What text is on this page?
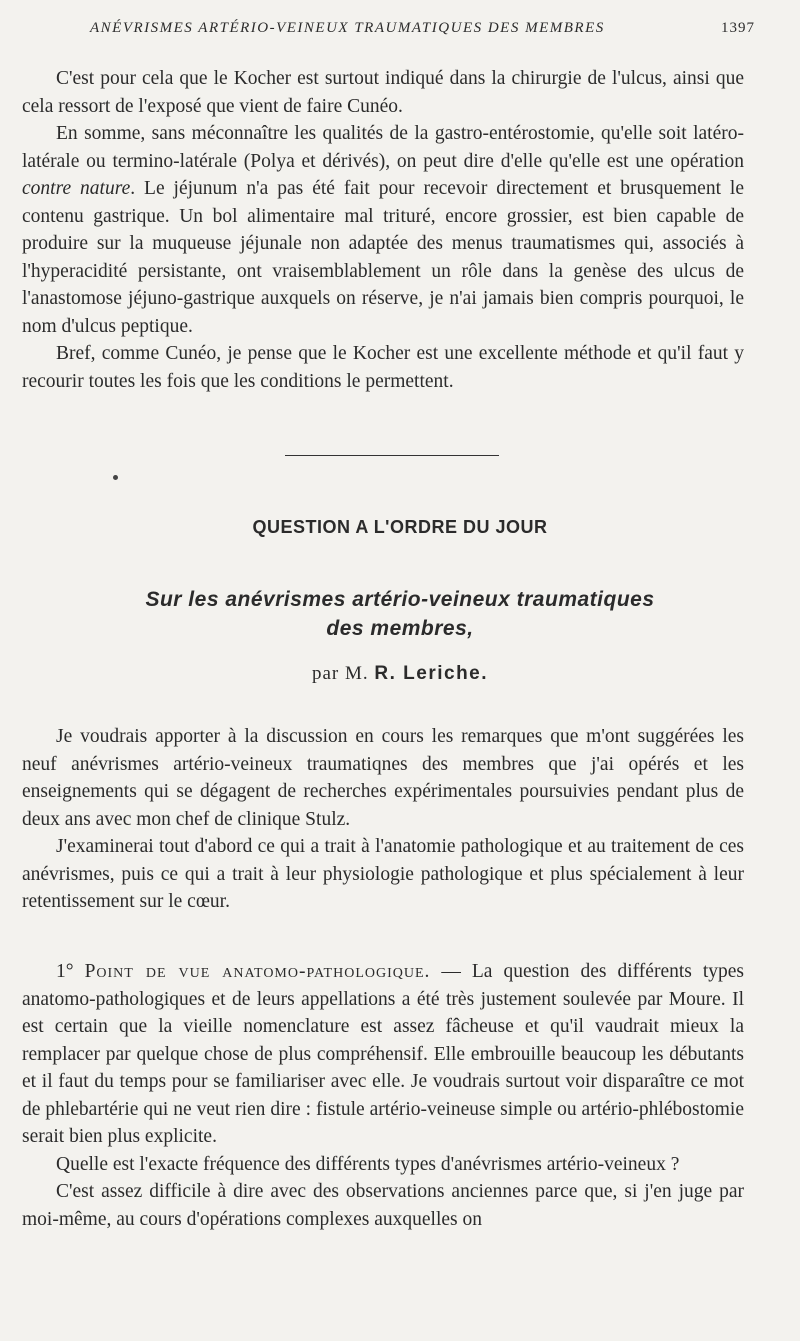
ANÉVRISMES ARTÉRIO-VEINEUX TRAUMATIQUES DES MEMBRES	1397

C'est pour cela que le Kocher est surtout indiqué dans la chirurgie de l'ulcus, ainsi que cela ressort de l'exposé que vient de faire Cunéo.

En somme, sans méconnaître les qualités de la gastro-entérostomie, qu'elle soit latéro-latérale ou termino-latérale (Polya et dérivés), on peut dire d'elle qu'elle est une opération contre nature. Le jéjunum n'a pas été fait pour recevoir directement et brusquement le contenu gastrique. Un bol alimentaire mal trituré, encore grossier, est bien capable de produire sur la muqueuse jéjunale non adaptée des menus traumatismes qui, associés à l'hyperacidité persistante, ont vraisemblablement un rôle dans la genèse des ulcus de l'anastomose jéjuno-gastrique auxquels on réserve, je n'ai jamais bien compris pourquoi, le nom d'ulcus peptique.

Bref, comme Cunéo, je pense que le Kocher est une excellente méthode et qu'il faut y recourir toutes les fois que les conditions le permettent.

QUESTION A L'ORDRE DU JOUR
Sur les anévrismes artério-veineux traumatiques
des membres,
par M. R. Leriche.

Je voudrais apporter à la discussion en cours les remarques que m'ont suggérées les neuf anévrismes artério-veineux traumatiqnes des membres que j'ai opérés et les enseignements qui se dégagent de recherches expérimentales poursuivies pendant plus de deux ans avec mon chef de clinique Stulz.

J'examinerai tout d'abord ce qui a trait à l'anatomie pathologique et au traitement de ces anévrismes, puis ce qui a trait à leur physiologie pathologique et plus spécialement à leur retentissement sur le cœur.

1° Point de vue anatomo-pathologique. — La question des différents types anatomo-pathologiques et de leurs appellations a été très justement soulevée par Moure. Il est certain que la vieille nomenclature est assez fâcheuse et qu'il vaudrait mieux la remplacer par quelque chose de plus compréhensif. Elle embrouille beaucoup les débutants et il faut du temps pour se familiariser avec elle. Je voudrais surtout voir disparaître ce mot de phlebartérie qui ne veut rien dire : fistule artério-veineuse simple ou artério-phlébostomie serait bien plus explicite.

Quelle est l'exacte fréquence des différents types d'anévrismes artério-veineux ?

C'est assez difficile à dire avec des observations anciennes parce que, si j'en juge par moi-même, au cours d'opérations complexes auxquelles on
